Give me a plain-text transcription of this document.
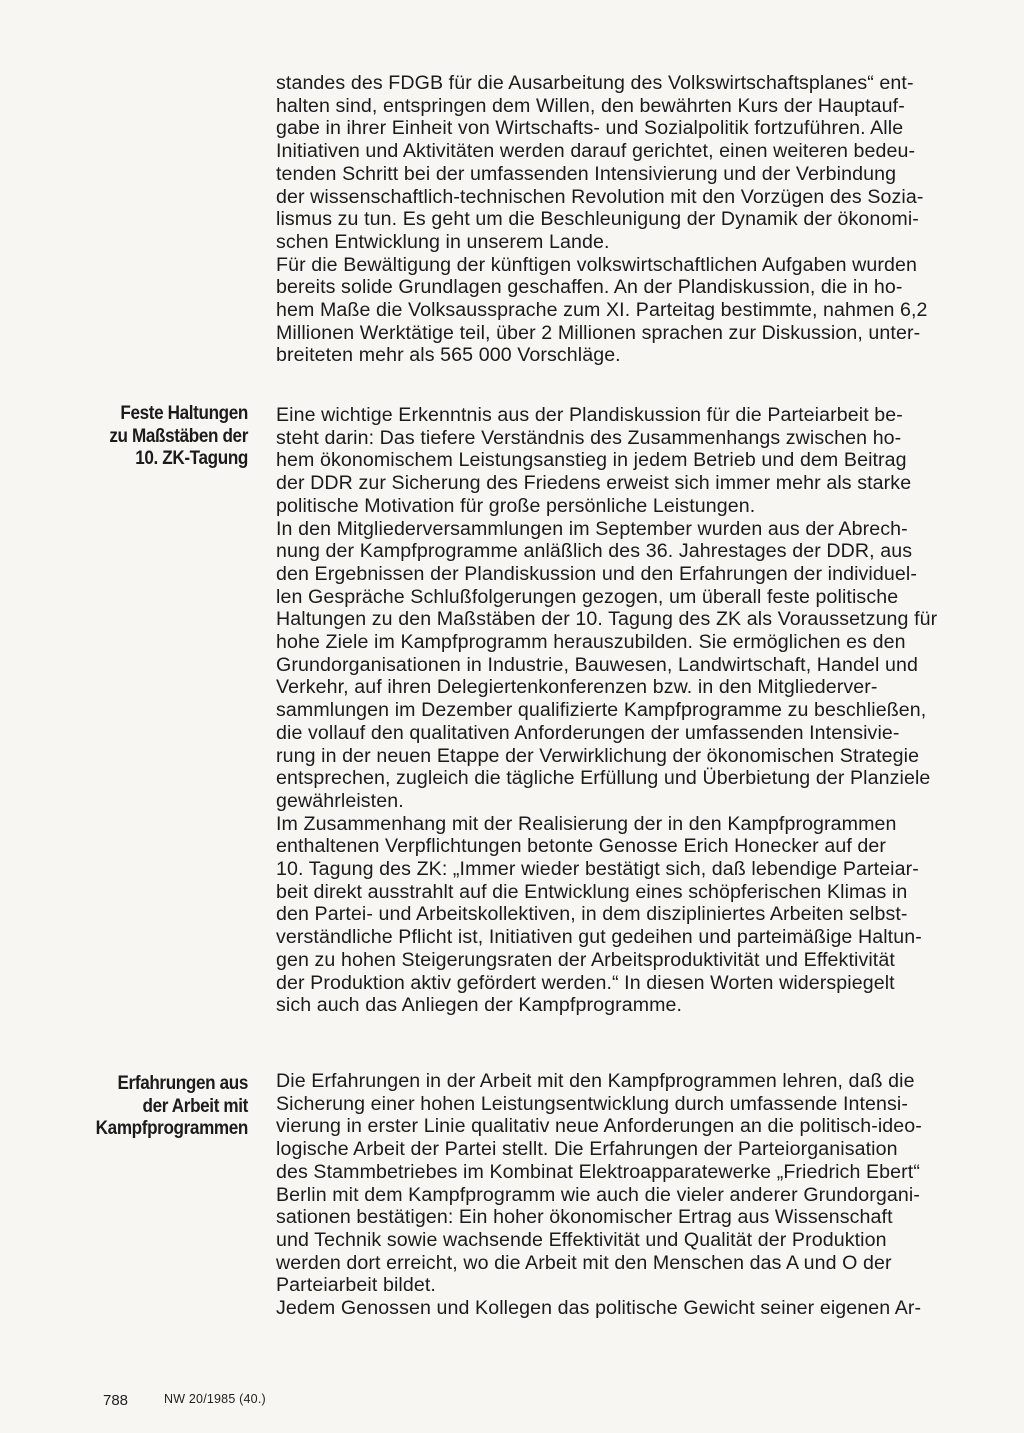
standes des FDGB für die Ausarbeitung des Volkswirtschaftsplanes“ ent-
halten sind, entspringen dem Willen, den bewährten Kurs der Hauptauf-
gabe in ihrer Einheit von Wirtschafts- und Sozialpolitik fortzuführen. Alle
Initiativen und Aktivitäten werden darauf gerichtet, einen weiteren bedeu-
tenden Schritt bei der umfassenden Intensivierung und der Verbindung
der wissenschaftlich-technischen Revolution mit den Vorzügen des Sozia-
lismus zu tun. Es geht um die Beschleunigung der Dynamik der ökonomi-
schen Entwicklung in unserem Lande.

Für die Bewältigung der künftigen volkswirtschaftlichen Aufgaben wurden
bereits solide Grundlagen geschaffen. An der Plandiskussion, die in ho-
hem Maße die Volksaussprache zum XI. Parteitag bestimmte, nahmen 6,2
Millionen Werktätige teil, über 2 Millionen sprachen zur Diskussion, unter-
breiteten mehr als 565 000 Vorschläge.

Feste Haltungen
zu Maßstäben der
10. ZK-Tagung

Eine wichtige Erkenntnis aus der Plandiskussion für die Parteiarbeit be-
steht darin: Das tiefere Verständnis des Zusammenhangs zwischen ho-
hem ökonomischem Leistungsanstieg in jedem Betrieb und dem Beitrag
der DDR zur Sicherung des Friedens erweist sich immer mehr als starke
politische Motivation für große persönliche Leistungen.

In den Mitgliederversammlungen im September wurden aus der Abrech-
nung der Kampfprogramme anläßlich des 36. Jahrestages der DDR, aus
den Ergebnissen der Plandiskussion und den Erfahrungen der individuel-
len Gespräche Schlußfolgerungen gezogen, um überall feste politische
Haltungen zu den Maßstäben der 10. Tagung des ZK als Voraussetzung für
hohe Ziele im Kampfprogramm herauszubilden. Sie ermöglichen es den
Grundorganisationen in Industrie, Bauwesen, Landwirtschaft, Handel und
Verkehr, auf ihren Delegiertenkonferenzen bzw. in den Mitgliederver-
sammlungen im Dezember qualifizierte Kampfprogramme zu beschließen,
die vollauf den qualitativen Anforderungen der umfassenden Intensivie-
rung in der neuen Etappe der Verwirklichung der ökonomischen Strategie
entsprechen, zugleich die tägliche Erfüllung und Überbietung der Planziele
gewährleisten.

Im Zusammenhang mit der Realisierung der in den Kampfprogrammen
enthaltenen Verpflichtungen betonte Genosse Erich Honecker auf der
10. Tagung des ZK: „Immer wieder bestätigt sich, daß lebendige Parteiar-
beit direkt ausstrahlt auf die Entwicklung eines schöpferischen Klimas in
den Partei- und Arbeitskollektiven, in dem diszipliniertes Arbeiten selbst-
verständliche Pflicht ist, Initiativen gut gedeihen und parteimäßige Haltun-
gen zu hohen Steigerungsraten der Arbeitsproduktivität und Effektivität
der Produktion aktiv gefördert werden.“ In diesen Worten widerspiegelt
sich auch das Anliegen der Kampfprogramme.

Erfahrungen aus
der Arbeit mit
Kampfprogrammen

Die Erfahrungen in der Arbeit mit den Kampfprogrammen lehren, daß die
Sicherung einer hohen Leistungsentwicklung durch umfassende Intensi-
vierung in erster Linie qualitativ neue Anforderungen an die politisch-ideo-
logische Arbeit der Partei stellt. Die Erfahrungen der Parteiorganisation
des Stammbetriebes im Kombinat Elektroapparatewerke „Friedrich Ebert“
Berlin mit dem Kampfprogramm wie auch die vieler anderer Grundorgani-
sationen bestätigen: Ein hoher ökonomischer Ertrag aus Wissenschaft
und Technik sowie wachsende Effektivität und Qualität der Produktion
werden dort erreicht, wo die Arbeit mit den Menschen das A und O der
Parteiarbeit bildet.

Jedem Genossen und Kollegen das politische Gewicht seiner eigenen Ar-

788	NW 20/1985 (40.)
